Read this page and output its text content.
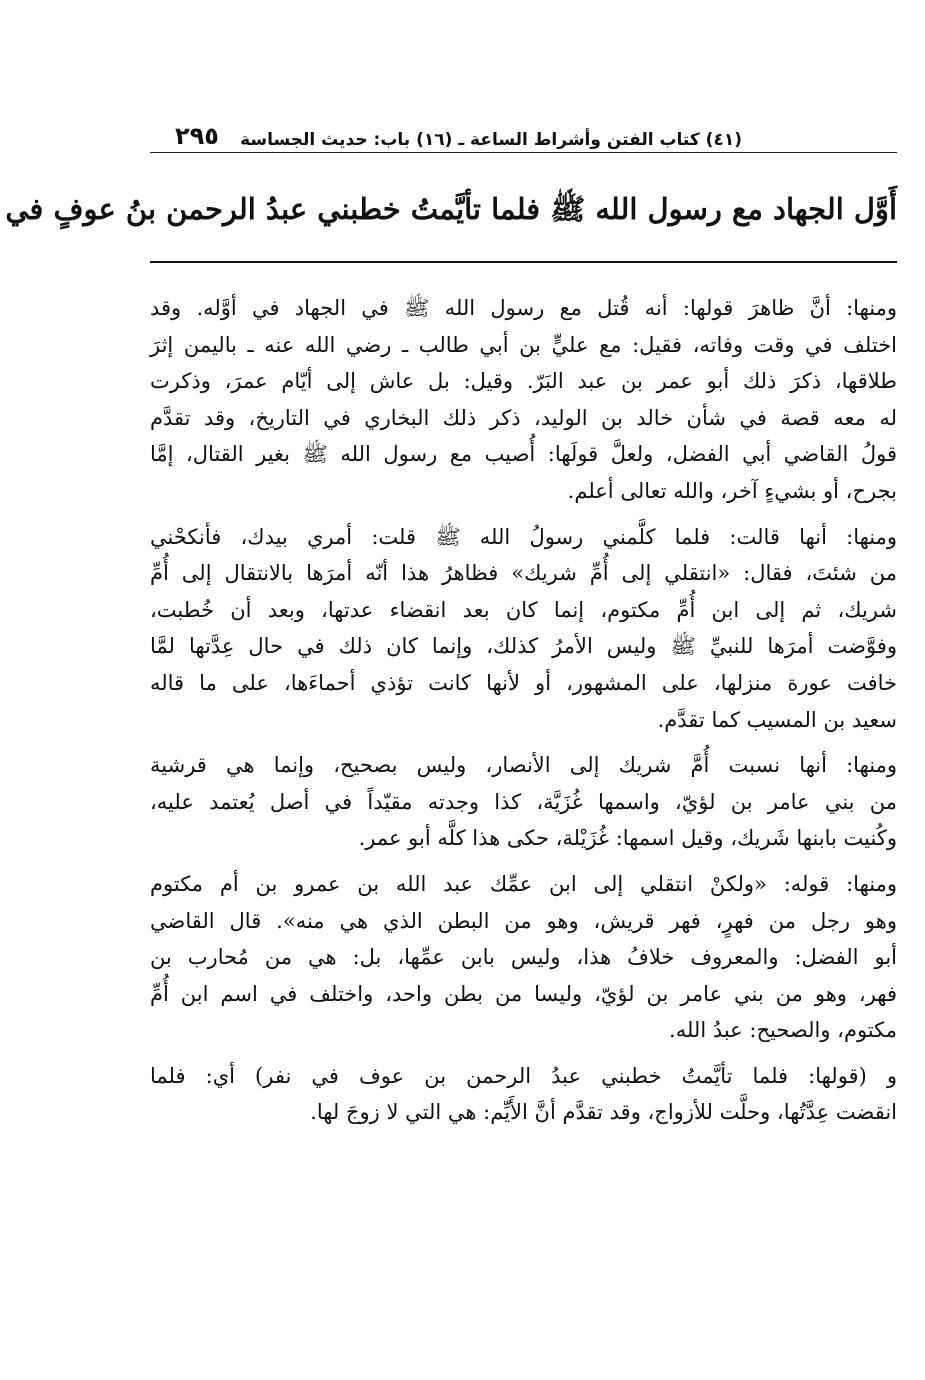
(٤١) كتاب الفتن وأشراط الساعة ـ (١٦) باب: حديث الجساسة
٢٩٥
أَوَّل الجهاد مع رسول الله ﷺ فلما تأيَّمتُ خطبني عبدُ الرحمن بنُ عوفٍ في
ومنها: أنَّ ظاهرَ قولها: أنه قُتل مع رسول الله ﷺ في الجهاد في أوَّله. وقد
اختلف في وقت وفاته، فقيل: مع عليٍّ بن أبي طالب ـ رضي الله عنه ـ باليمن إثرَ
طلاقها، ذكرَ ذلك أبو عمر بن عبد البَرّ. وقيل: بل عاش إلى أيّام عمرَ، وذكرت
له معه قصة في شأن خالد بن الوليد، ذكر ذلك البخاري في التاريخ، وقد تقدَّم
قولُ القاضي أبي الفضل، ولعلَّ قولَها: أُصيب مع رسول الله ﷺ بغير القتال، إمَّا
بجرح، أو بشيءٍ آخر، والله تعالى أعلم.
ومنها: أنها قالت: فلما كلَّمني رسولُ الله ﷺ قلت: أمري بيدك، فأنكحْني
من شئتَ، فقال: «انتقلي إلى أُمِّ شريك» فظاهرُ هذا أنّه أمرَها بالانتقال إلى أُمِّ
شريك، ثم إلى ابن أُمِّ مكتوم، إنما كان بعد انقضاء عدتها، وبعد أن خُطبت،
وفوَّضت أمرَها للنبيِّ ﷺ وليس الأمرُ كذلك، وإنما كان ذلك في حال عِدَّتها لمَّا
خافت عورة منزلها، على المشهور، أو لأنها كانت تؤذي أحماءَها، على ما قاله
سعيد بن المسيب كما تقدَّم.
ومنها: أنها نسبت أُمَّ شريك إلى الأنصار، وليس بصحيح، وإنما هي قرشية
من بني عامر بن لؤيّ، واسمها غُزَيَّة، كذا وجدته مقيّداً في أصل يُعتمد عليه،
وكُنيت بابنها شَريك، وقيل اسمها: غُزَيْلة، حكى هذا كلَّه أبو عمر.
ومنها: قوله: «ولكنْ انتقلي إلى ابن عمِّك عبد الله بن عمرو بن أم مكتوم
وهو رجل من فهرٍ، فهر قريش، وهو من البطن الذي هي منه». قال القاضي
أبو الفضل: والمعروف خلافُ هذا، وليس بابن عمِّها، بل: هي من مُحارب بن
فهر، وهو من بني عامر بن لؤيّ، وليسا من بطن واحد، واختلف في اسم ابن أُمِّ
مكتوم، والصحيح: عبدُ الله.
و (قولها: فلما تأيَّمتُ خطبني عبدُ الرحمن بن عوف في نفر) أي: فلما
انقضت عِدَّتُها، وحلَّت للأزواج، وقد تقدَّم أنَّ الأَيِّم: هي التي لا زوجَ لها.
